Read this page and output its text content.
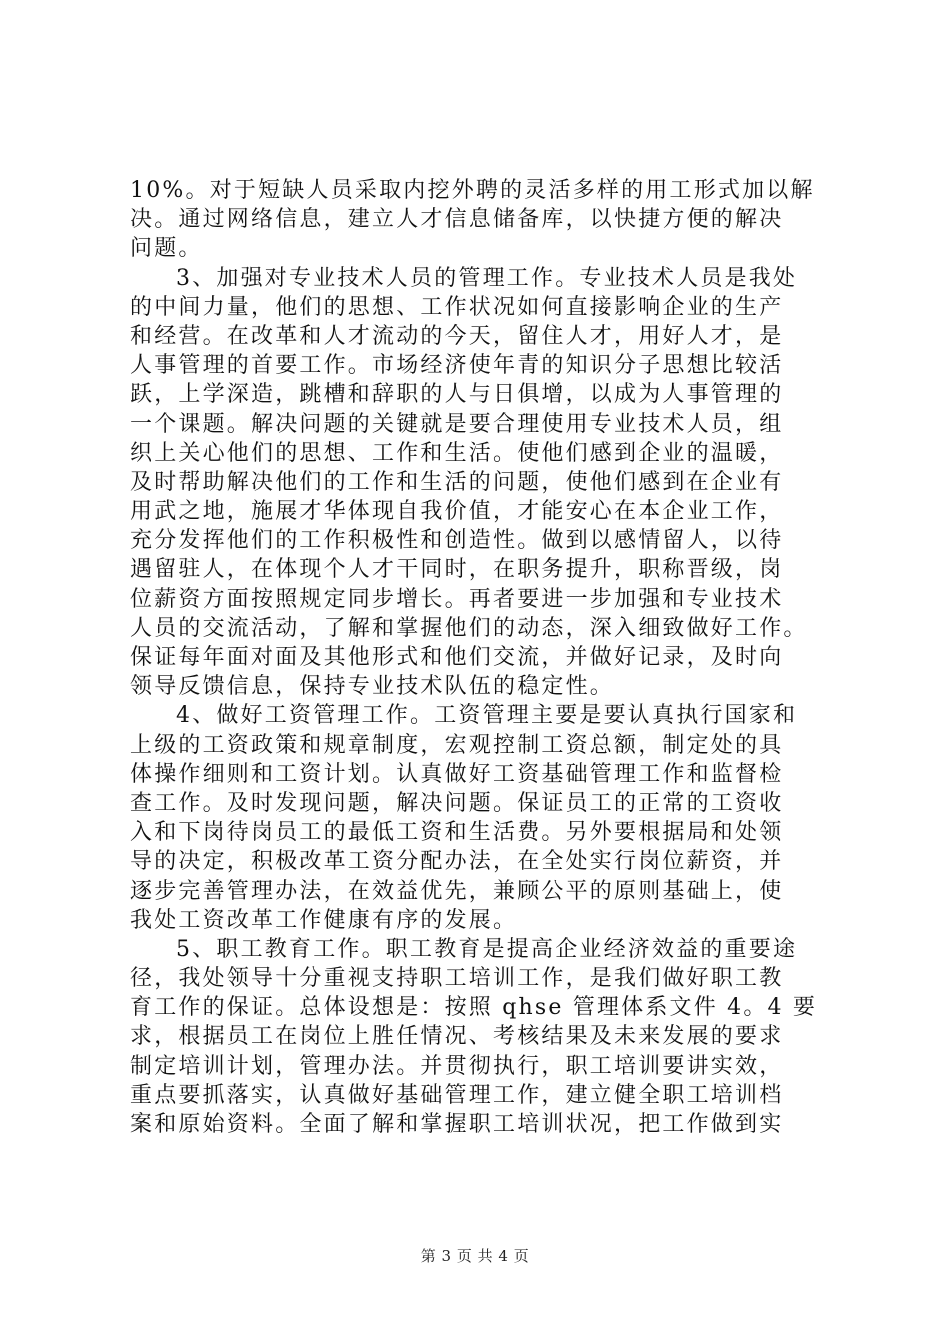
10%。对于短缺人员采取内挖外聘的灵活多样的用工形式加以解
决。通过网络信息，建立人才信息储备库，以快捷方便的解决
问题。
3、加强对专业技术人员的管理工作。专业技术人员是我处
的中间力量，他们的思想、工作状况如何直接影响企业的生产
和经营。在改革和人才流动的今天，留住人才，用好人才，是
人事管理的首要工作。市场经济使年青的知识分子思想比较活
跃，上学深造，跳槽和辞职的人与日俱增，以成为人事管理的
一个课题。解决问题的关键就是要合理使用专业技术人员，组
织上关心他们的思想、工作和生活。使他们感到企业的温暖，
及时帮助解决他们的工作和生活的问题，使他们感到在企业有
用武之地，施展才华体现自我价值，才能安心在本企业工作，
充分发挥他们的工作积极性和创造性。做到以感情留人，以待
遇留驻人，在体现个人才干同时，在职务提升，职称晋级，岗
位薪资方面按照规定同步增长。再者要进一步加强和专业技术
人员的交流活动，了解和掌握他们的动态，深入细致做好工作。
保证每年面对面及其他形式和他们交流，并做好记录，及时向
领导反馈信息，保持专业技术队伍的稳定性。
4、做好工资管理工作。工资管理主要是要认真执行国家和
上级的工资政策和规章制度，宏观控制工资总额，制定处的具
体操作细则和工资计划。认真做好工资基础管理工作和监督检
查工作。及时发现问题，解决问题。保证员工的正常的工资收
入和下岗待岗员工的最低工资和生活费。另外要根据局和处领
导的决定，积极改革工资分配办法，在全处实行岗位薪资，并
逐步完善管理办法，在效益优先，兼顾公平的原则基础上，使
我处工资改革工作健康有序的发展。
5、职工教育工作。职工教育是提高企业经济效益的重要途
径，我处领导十分重视支持职工培训工作，是我们做好职工教
育工作的保证。总体设想是：按照 qhse 管理体系文件 4。4 要
求，根据员工在岗位上胜任情况、考核结果及未来发展的要求
制定培训计划，管理办法。并贯彻执行，职工培训要讲实效，
重点要抓落实，认真做好基础管理工作，建立健全职工培训档
案和原始资料。全面了解和掌握职工培训状况，把工作做到实
第 3 页 共 4 页
